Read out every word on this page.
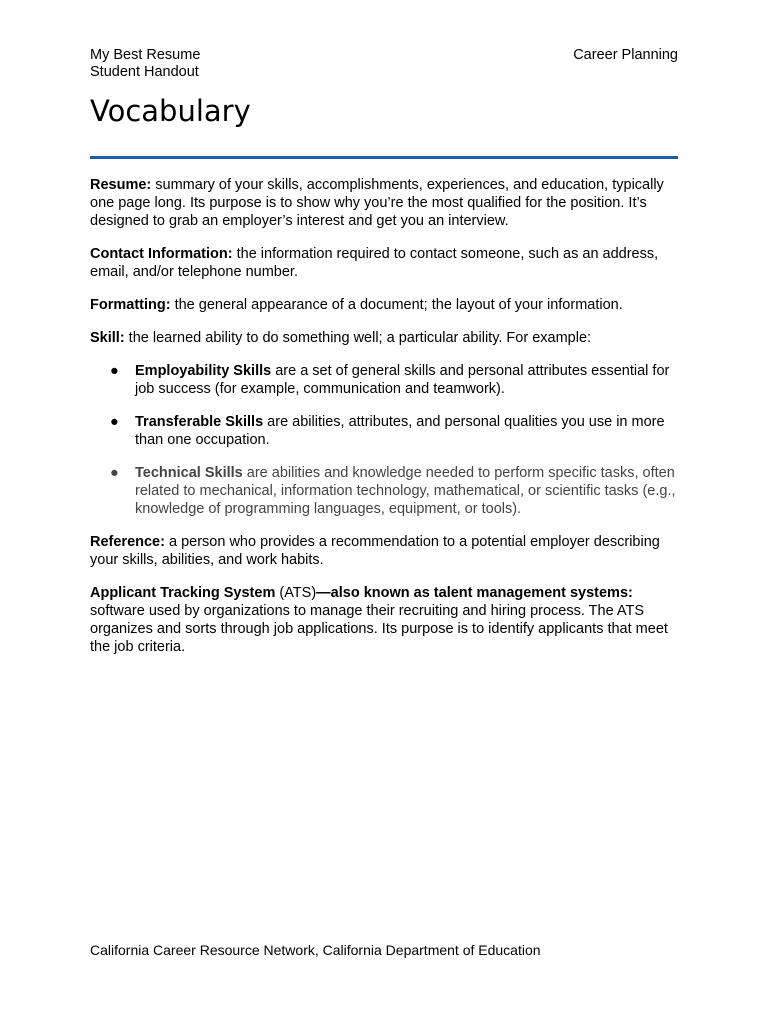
My Best Resume
Student Handout
Career Planning
Vocabulary

Resume: summary of your skills, accomplishments, experiences, and education, typically one page long. Its purpose is to show why you’re the most qualified for the position. It’s designed to grab an employer’s interest and get you an interview.

Contact Information: the information required to contact someone, such as an address, email, and/or telephone number.

Formatting: the general appearance of a document; the layout of your information.

Skill: the learned ability to do something well; a particular ability. For example:

● Employability Skills are a set of general skills and personal attributes essential for job success (for example, communication and teamwork).
● Transferable Skills are abilities, attributes, and personal qualities you use in more than one occupation.
● Technical Skills are abilities and knowledge needed to perform specific tasks, often related to mechanical, information technology, mathematical, or scientific tasks (e.g., knowledge of programming languages, equipment, or tools).

Reference: a person who provides a recommendation to a potential employer describing your skills, abilities, and work habits.

Applicant Tracking System (ATS)—also known as talent management systems: software used by organizations to manage their recruiting and hiring process. The ATS organizes and sorts through job applications. Its purpose is to identify applicants that meet the job criteria.

California Career Resource Network, California Department of Education
